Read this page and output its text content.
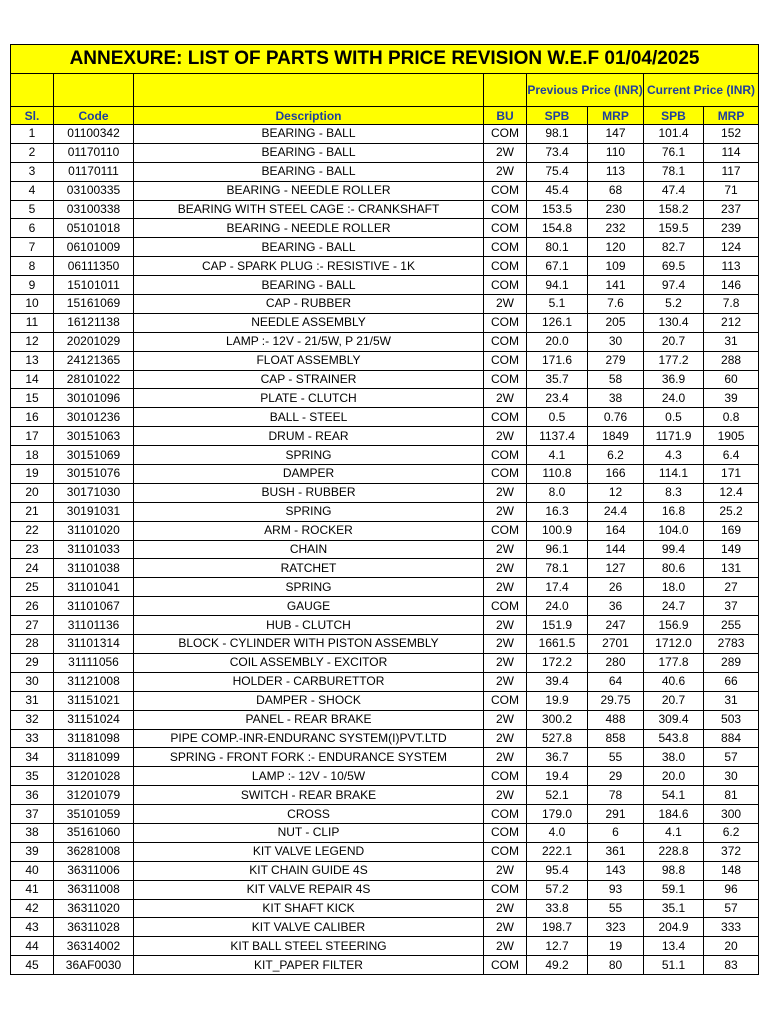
ANNEXURE: LIST OF PARTS WITH PRICE REVISION W.E.F 01/04/2025							
				Previous Price (INR)		Current Price (INR)	
Sl.	Code	Description	BU	SPB	MRP	SPB	MRP
1	01100342	BEARING - BALL	COM	98.1	147	101.4	152
2	01170110	BEARING - BALL	2W	73.4	110	76.1	114
3	01170111	BEARING - BALL	2W	75.4	113	78.1	117
4	03100335	BEARING - NEEDLE ROLLER	COM	45.4	68	47.4	71
5	03100338	BEARING WITH STEEL CAGE :- CRANKSHAFT	COM	153.5	230	158.2	237
6	05101018	BEARING - NEEDLE ROLLER	COM	154.8	232	159.5	239
7	06101009	BEARING - BALL	COM	80.1	120	82.7	124
8	06111350	CAP - SPARK PLUG :- RESISTIVE - 1K	COM	67.1	109	69.5	113
9	15101011	BEARING - BALL	COM	94.1	141	97.4	146
10	15161069	CAP - RUBBER	2W	5.1	7.6	5.2	7.8
11	16121138	NEEDLE ASSEMBLY	COM	126.1	205	130.4	212
12	20201029	LAMP :- 12V - 21/5W, P 21/5W	COM	20.0	30	20.7	31
13	24121365	FLOAT ASSEMBLY	COM	171.6	279	177.2	288
14	28101022	CAP - STRAINER	COM	35.7	58	36.9	60
15	30101096	PLATE - CLUTCH	2W	23.4	38	24.0	39
16	30101236	BALL - STEEL	COM	0.5	0.76	0.5	0.8
17	30151063	DRUM - REAR	2W	1137.4	1849	1171.9	1905
18	30151069	SPRING	COM	4.1	6.2	4.3	6.4
19	30151076	DAMPER	COM	110.8	166	114.1	171
20	30171030	BUSH - RUBBER	2W	8.0	12	8.3	12.4
21	30191031	SPRING	2W	16.3	24.4	16.8	25.2
22	31101020	ARM - ROCKER	COM	100.9	164	104.0	169
23	31101033	CHAIN	2W	96.1	144	99.4	149
24	31101038	RATCHET	2W	78.1	127	80.6	131
25	31101041	SPRING	2W	17.4	26	18.0	27
26	31101067	GAUGE	COM	24.0	36	24.7	37
27	31101136	HUB - CLUTCH	2W	151.9	247	156.9	255
28	31101314	BLOCK - CYLINDER WITH PISTON ASSEMBLY	2W	1661.5	2701	1712.0	2783
29	31111056	COIL ASSEMBLY - EXCITOR	2W	172.2	280	177.8	289
30	31121008	HOLDER - CARBURETTOR	2W	39.4	64	40.6	66
31	31151021	DAMPER - SHOCK	COM	19.9	29.75	20.7	31
32	31151024	PANEL - REAR BRAKE	2W	300.2	488	309.4	503
33	31181098	PIPE COMP.-INR-ENDURANC SYSTEM(I)PVT.LTD	2W	527.8	858	543.8	884
34	31181099	SPRING - FRONT FORK :- ENDURANCE SYSTEM	2W	36.7	55	38.0	57
35	31201028	LAMP :- 12V - 10/5W	COM	19.4	29	20.0	30
36	31201079	SWITCH - REAR BRAKE	2W	52.1	78	54.1	81
37	35101059	CROSS	COM	179.0	291	184.6	300
38	35161060	NUT - CLIP	COM	4.0	6	4.1	6.2
39	36281008	KIT VALVE LEGEND	COM	222.1	361	228.8	372
40	36311006	KIT CHAIN GUIDE 4S	2W	95.4	143	98.8	148
41	36311008	KIT VALVE REPAIR 4S	COM	57.2	93	59.1	96
42	36311020	KIT SHAFT KICK	2W	33.8	55	35.1	57
43	36311028	KIT VALVE CALIBER	2W	198.7	323	204.9	333
44	36314002	KIT BALL STEEL STEERING	2W	12.7	19	13.4	20
45	36AF0030	KIT_PAPER FILTER	COM	49.2	80	51.1	83
